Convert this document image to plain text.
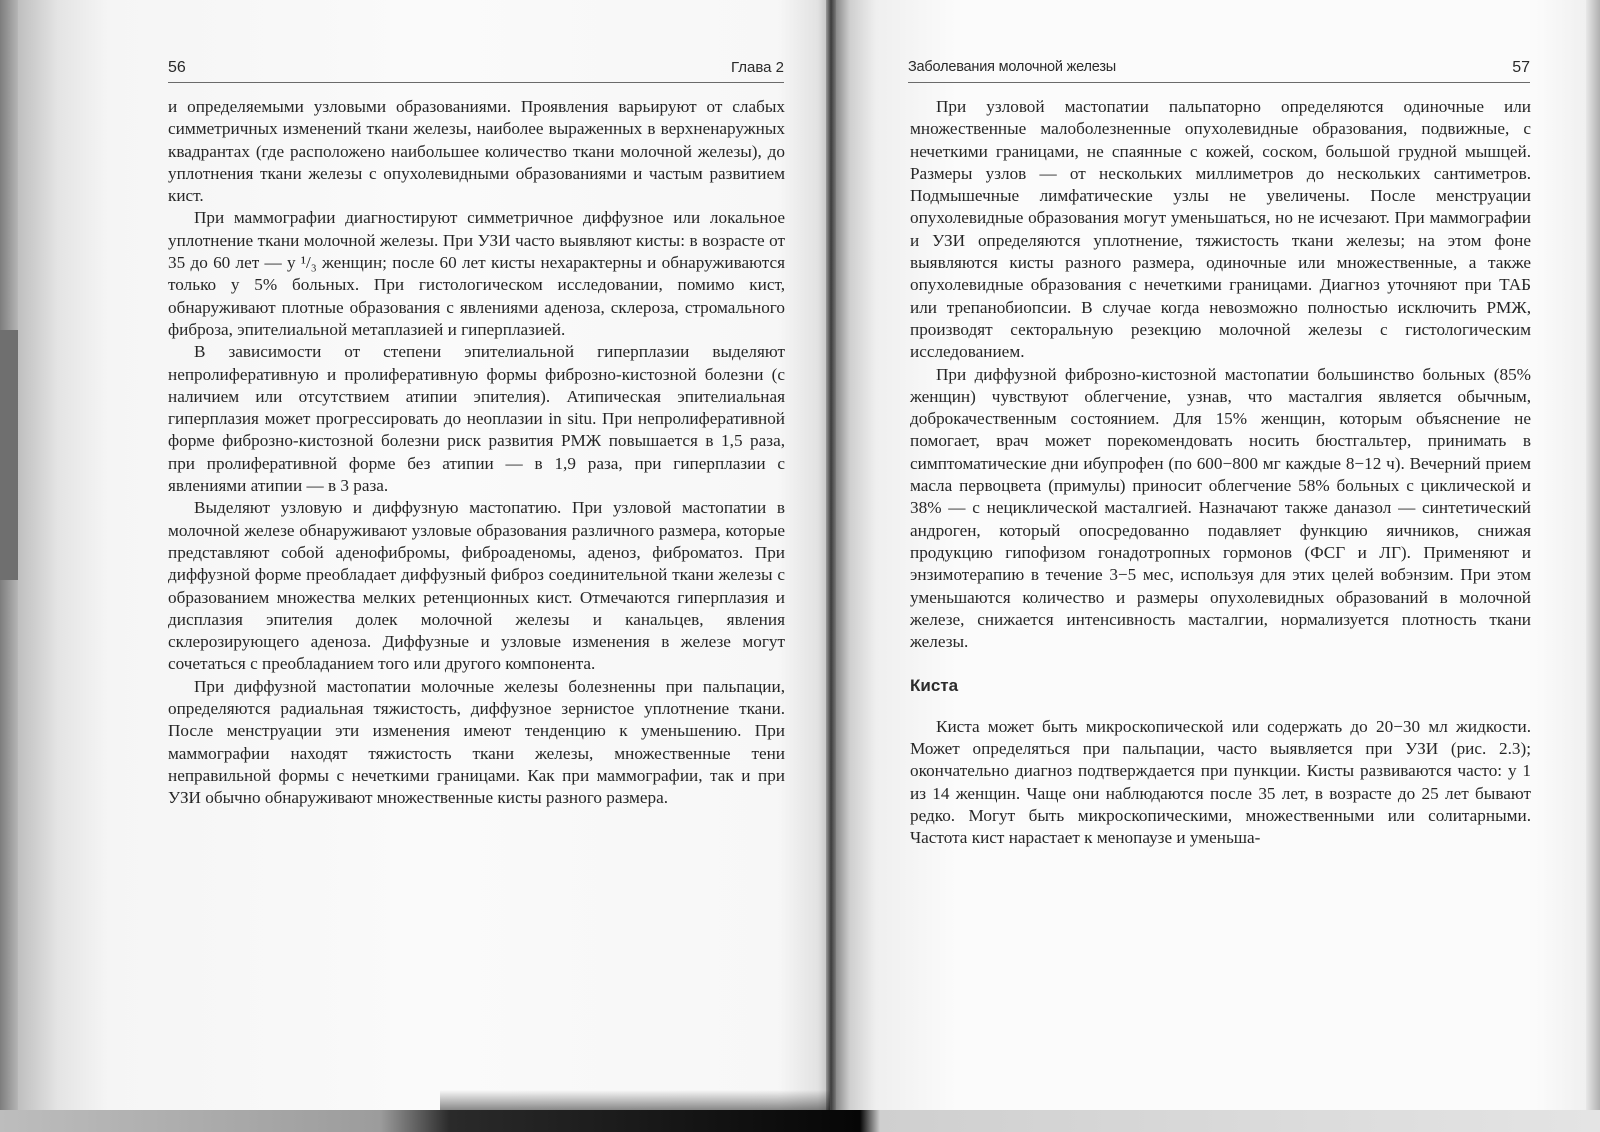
56	Глава 2	Заболевания молочной железы	57

и определяемыми узловыми образованиями. Проявления варьируют от слабых симметричных изменений ткани железы, наиболее выраженных в верхненаружных квадрантах (где расположено наибольшее количество ткани молочной железы), до уплотнения ткани железы с опухолевидными образованиями и частым развитием кист.

При маммографии диагностируют симметричное диффузное или локальное уплотнение ткани молочной железы. При УЗИ часто выявляют кисты: в возрасте от 35 до 60 лет — у ¹/₃ женщин; после 60 лет кисты нехарактерны и обнаруживаются только у 5% больных. При гистологическом исследовании, помимо кист, обнаруживают плотные образования с явлениями аденоза, склероза, стромального фиброза, эпителиальной метаплазией и гиперплазией.

В зависимости от степени эпителиальной гиперплазии выделяют непролиферативную и пролиферативную формы фиброзно-кистозной болезни (с наличием или отсутствием атипии эпителия). Атипическая эпителиальная гиперплазия может прогрессировать до неоплазии in situ. При непролиферативной форме фиброзно-кистозной болезни риск развития РМЖ повышается в 1,5 раза, при пролиферативной форме без атипии — в 1,9 раза, при гиперплазии с явлениями атипии — в 3 раза.

Выделяют узловую и диффузную мастопатию. При узловой мастопатии в молочной железе обнаруживают узловые образования различного размера, которые представляют собой аденофибромы, фиброаденомы, аденоз, фиброматоз. При диффузной форме преобладает диффузный фиброз соединительной ткани железы с образованием множества мелких ретенционных кист. Отмечаются гиперплазия и дисплазия эпителия долек молочной железы и канальцев, явления склерозирующего аденоза. Диффузные и узловые изменения в железе могут сочетаться с преобладанием того или другого компонента.

При диффузной мастопатии молочные железы болезненны при пальпации, определяются радиальная тяжистость, диффузное зернистое уплотнение ткани. После менструации эти изменения имеют тенденцию к уменьшению. При маммографии находят тяжистость ткани железы, множественные тени неправильной формы с нечеткими границами. Как при маммографии, так и при УЗИ обычно обнаруживают множественные кисты разного размера.

При узловой мастопатии пальпаторно определяются одиночные или множественные малоболезненные опухолевидные образования, подвижные, с нечеткими границами, не спаянные с кожей, соском, большой грудной мышцей. Размеры узлов — от нескольких миллиметров до нескольких сантиметров. Подмышечные лимфатические узлы не увеличены. После менструации опухолевидные образования могут уменьшаться, но не исчезают. При маммографии и УЗИ определяются уплотнение, тяжистость ткани железы; на этом фоне выявляются кисты разного размера, одиночные или множественные, а также опухолевидные образования с нечеткими границами. Диагноз уточняют при ТАБ или трепанобиопсии. В случае когда невозможно полностью исключить РМЖ, производят секторальную резекцию молочной железы с гистологическим исследованием.

При диффузной фиброзно-кистозной мастопатии большинство больных (85% женщин) чувствуют облегчение, узнав, что масталгия является обычным, доброкачественным состоянием. Для 15% женщин, которым объяснение не помогает, врач может порекомендовать носить бюстгальтер, принимать в симптоматические дни ибупрофен (по 600−800 мг каждые 8−12 ч). Вечерний прием масла первоцвета (примулы) приносит облегчение 58% больных с циклической и 38% — с нециклической масталгией. Назначают также даназол — синтетический андроген, который опосредованно подавляет функцию яичников, снижая продукцию гипофизом гонадотропных гормонов (ФСГ и ЛГ). Применяют и энзимотерапию в течение 3−5 мес, используя для этих целей вобэнзим. При этом уменьшаются количество и размеры опухолевидных образований в молочной железе, снижается интенсивность масталгии, нормализуется плотность ткани железы.

Киста

Киста может быть микроскопической или содержать до 20−30 мл жидкости. Может определяться при пальпации, часто выявляется при УЗИ (рис. 2.3); окончательно диагноз подтверждается при пункции. Кисты развиваются часто: у 1 из 14 женщин. Чаще они наблюдаются после 35 лет, в возрасте до 25 лет бывают редко. Могут быть микроскопическими, множественными или солитарными. Частота кист нарастает к менопаузе и уменьша-
